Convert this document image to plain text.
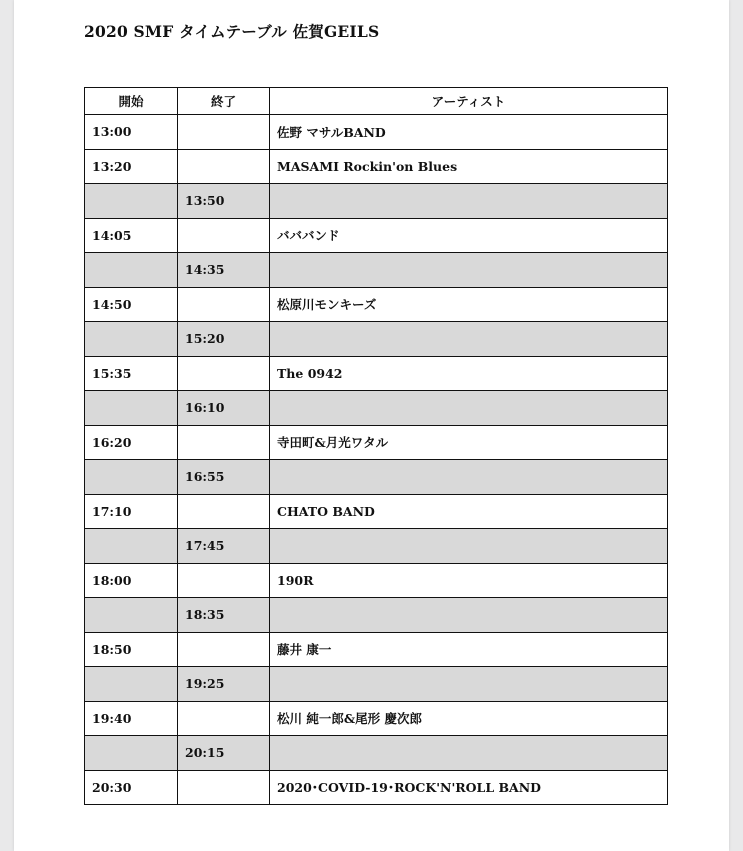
2020 SMF タイムテーブル 佐賀GEILS
開始	終了	アーティスト
13:00		佐野 マサルBAND
13:20		MASAMI Rockin'on Blues
	13:50	
14:05		バババンド
	14:35	
14:50		松原川モンキーズ
	15:20	
15:35		The 0942
	16:10	
16:20		寺田町&月光ワタル
	16:55	
17:10		CHATO BAND
	17:45	
18:00		190R
	18:35	
18:50		藤井 康一
	19:25	
19:40		松川 純一郎&尾形 慶次郎
	20:15	
20:30		2020･COVID-19･ROCK'N'ROLL BAND
